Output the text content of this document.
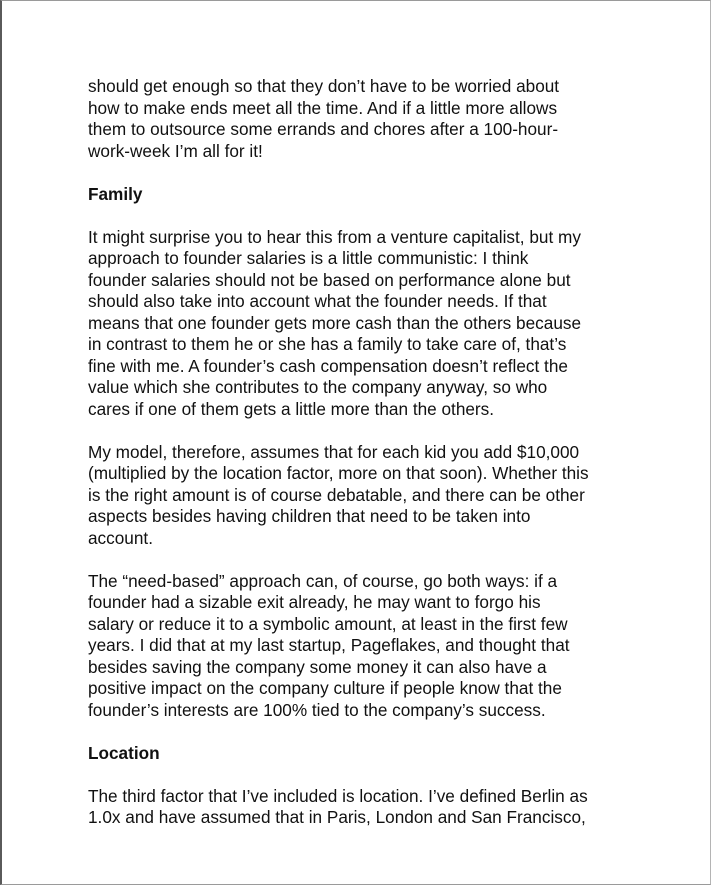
should get enough so that they don’t have to be worried about
how to make ends meet all the time. And if a little more allows
them to outsource some errands and chores after a 100-hour-
work-week I’m all for it!
Family
It might surprise you to hear this from a venture capitalist, but my
approach to founder salaries is a little communistic: I think
founder salaries should not be based on performance alone but
should also take into account what the founder needs. If that
means that one founder gets more cash than the others because
in contrast to them he or she has a family to take care of, that’s
fine with me. A founder’s cash compensation doesn’t reflect the
value which she contributes to the company anyway, so who
cares if one of them gets a little more than the others.
My model, therefore, assumes that for each kid you add $10,000
(multiplied by the location factor, more on that soon). Whether this
is the right amount is of course debatable, and there can be other
aspects besides having children that need to be taken into
account.
The “need-based” approach can, of course, go both ways: if a
founder had a sizable exit already, he may want to forgo his
salary or reduce it to a symbolic amount, at least in the first few
years. I did that at my last startup, Pageflakes, and thought that
besides saving the company some money it can also have a
positive impact on the company culture if people know that the
founder’s interests are 100% tied to the company’s success.
Location
The third factor that I’ve included is location. I’ve defined Berlin as
1.0x and have assumed that in Paris, London and San Francisco,
